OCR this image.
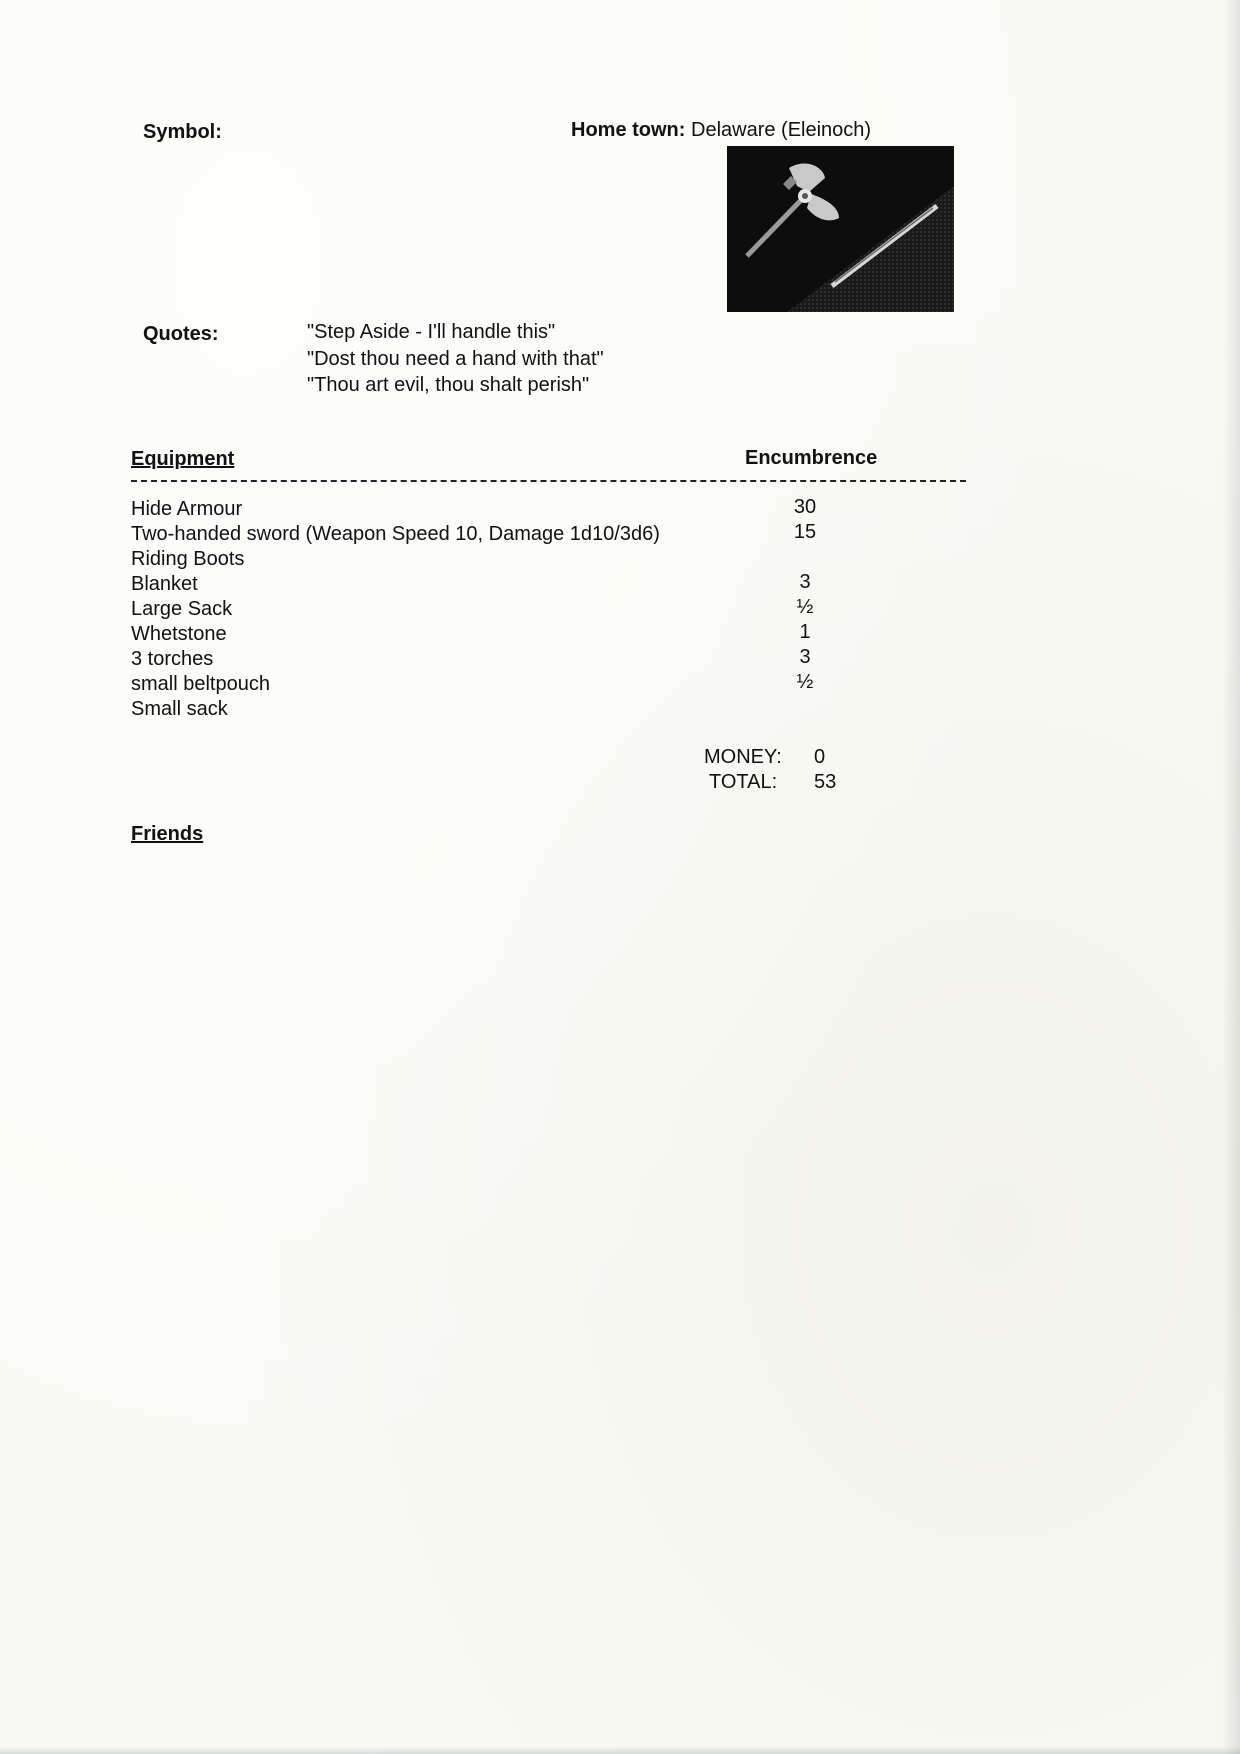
Symbol:	Home town: Delaware (Eleinoch)
Quotes:	"Step Aside - I'll handle this"
"Dost thou need a hand with that"
"Thou art evil, thou shalt perish"
Equipment	Encumbrence
Hide Armour	30
Two-handed sword (Weapon Speed 10, Damage 1d10/3d6)	15
Riding Boots
Blanket	3
Large Sack	½
Whetstone	1
3 torches	3
small beltpouch	½
Small sack
MONEY: 0
TOTAL: 53
Friends
